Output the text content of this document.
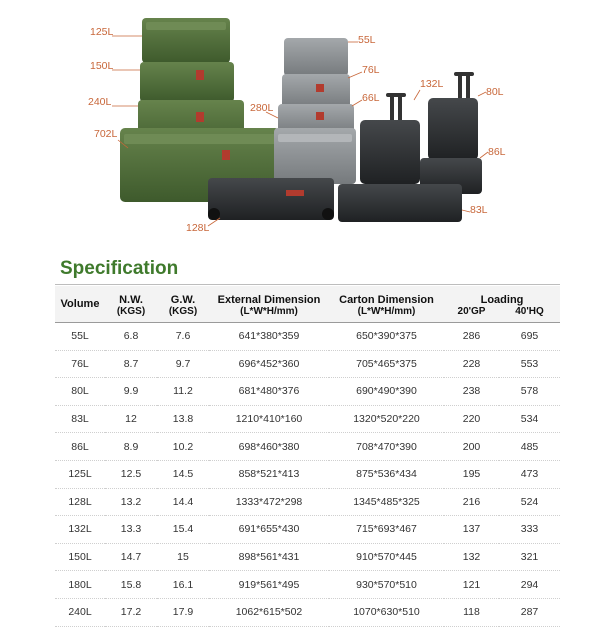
125L
150L
240L
702L
55L
76L
66L
280L
132L
80L
86L
83L
128L
Specification
Volume	N.W.	G.W.	External Dimension	Carton Dimension	Loading	
	(KGS)	(KGS)	(L*W*H/mm)	(L*W*H/mm)	20'GP	40'HQ
55L	6.8	7.6	641*380*359	650*390*375	286	695
76L	8.7	9.7	696*452*360	705*465*375	228	553
80L	9.9	11.2	681*480*376	690*490*390	238	578
83L	12	13.8	1210*410*160	1320*520*220	220	534
86L	8.9	10.2	698*460*380	708*470*390	200	485
125L	12.5	14.5	858*521*413	875*536*434	195	473
128L	13.2	14.4	1333*472*298	1345*485*325	216	524
132L	13.3	15.4	691*655*430	715*693*467	137	333
150L	14.7	15	898*561*431	910*570*445	132	321
180L	15.8	16.1	919*561*495	930*570*510	121	294
240L	17.2	17.9	1062*615*502	1070*630*510	118	287
